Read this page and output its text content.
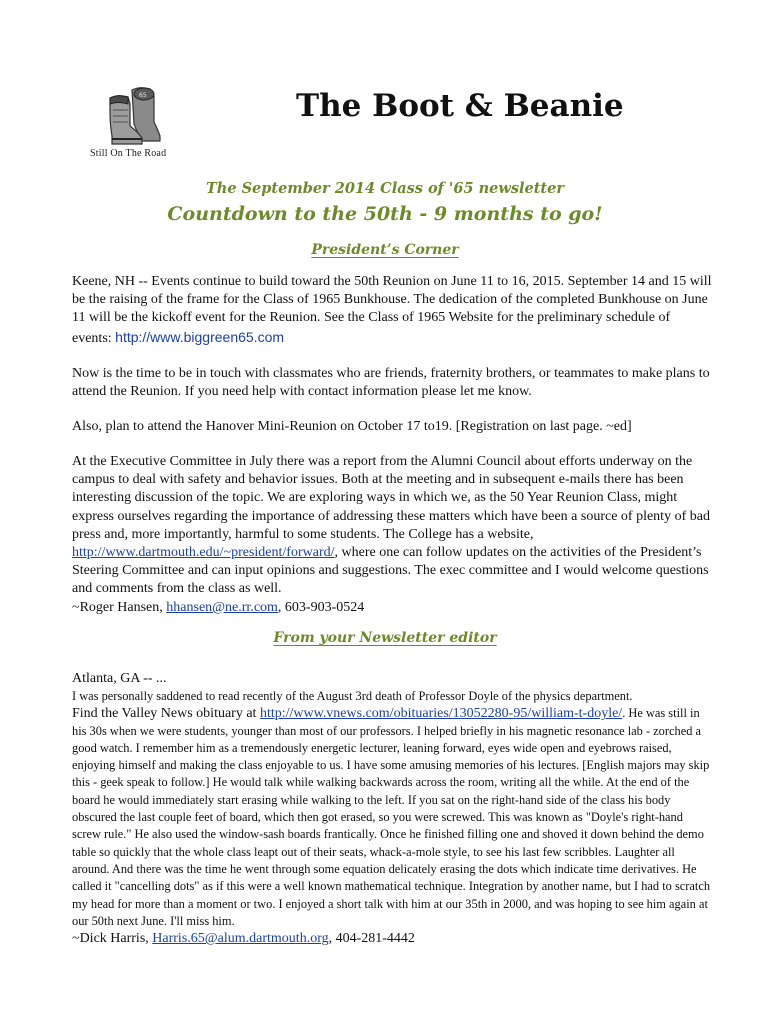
65
Still On The Road
The Boot & Beanie
The September 2014 Class of '65 newsletter
Countdown to the 50th - 9 months to go!
President’s Corner

Keene, NH -- Events continue to build toward the 50th Reunion on June 11 to 16, 2015. September 14 and 15 will be the raising of the frame for the Class of 1965 Bunkhouse. The dedication of the completed Bunkhouse on June 11 will be the kickoff event for the Reunion. See the Class of 1965 Website for the preliminary schedule of events: http://www.biggreen65.com

Now is the time to be in touch with classmates who are friends, fraternity brothers, or teammates to make plans to attend the Reunion. If you need help with contact information please let me know.

Also, plan to attend the Hanover Mini-Reunion on October 17 to19. [Registration on last page. ~ed]

At the Executive Committee in July there was a report from the Alumni Council about efforts underway on the campus to deal with safety and behavior issues. Both at the meeting and in subsequent e-mails there has been interesting discussion of the topic. We are exploring ways in which we, as the 50 Year Reunion Class, might express ourselves regarding the importance of addressing these matters which have been a source of plenty of bad press and, more importantly, harmful to some students. The College has a website, http://www.dartmouth.edu/~president/forward/, where one can follow updates on the activities of the President’s Steering Committee and can input opinions and suggestions. The exec committee and I would welcome questions and comments from the class as well.
~Roger Hansen, hhansen@ne.rr.com, 603-903-0524

From your Newsletter editor

Atlanta, GA -- ...

I was personally saddened to read recently of the August 3rd death of Professor Doyle of the physics department.
Find the Valley News obituary at http://www.vnews.com/obituaries/13052280-95/william-t-doyle/. He was still in his 30s when we were students, younger than most of our professors. I helped briefly in his magnetic resonance lab - zorched a good watch. I remember him as a tremendously energetic lecturer, leaning forward, eyes wide open and eyebrows raised, enjoying himself and making the class enjoyable to us. I have some amusing memories of his lectures. [English majors may skip this - geek speak to follow.] He would talk while walking backwards across the room, writing all the while. At the end of the board he would immediately start erasing while walking to the left. If you sat on the right-hand side of the class his body obscured the last couple feet of board, which then got erased, so you were screwed. This was known as "Doyle's right-hand screw rule." He also used the window-sash boards frantically. Once he finished filling one and shoved it down behind the demo table so quickly that the whole class leapt out of their seats, whack-a-mole style, to see his last few scribbles. Laughter all around. And there was the time he went through some equation delicately erasing the dots which indicate time derivatives. He called it "cancelling dots" as if this were a well known mathematical technique. Integration by another name, but I had to scratch my head for more than a moment or two. I enjoyed a short talk with him at our 35th in 2000, and was hoping to see him again at our 50th next June. I'll miss him.
~Dick Harris, Harris.65@alum.dartmouth.org, 404-281-4442
